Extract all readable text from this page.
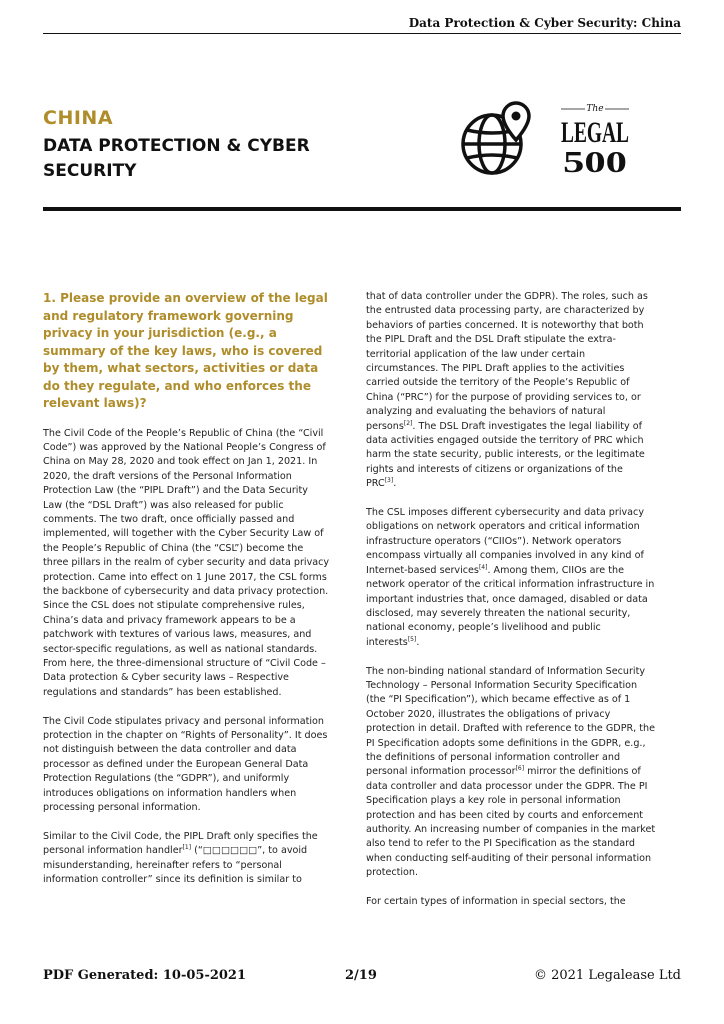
Data Protection & Cyber Security: China
CHINA
DATA PROTECTION & CYBER SECURITY
The
LEGAL
500
1. Please provide an overview of the legal and regulatory framework governing privacy in your jurisdiction (e.g., a summary of the key laws, who is covered by them, what sectors, activities or data do they regulate, and who enforces the relevant laws)?

The Civil Code of the People’s Republic of China (the “Civil Code”) was approved by the National People’s Congress of China on May 28, 2020 and took effect on Jan 1, 2021. In 2020, the draft versions of the Personal Information Protection Law (the “PIPL Draft”) and the Data Security Law (the “DSL Draft”) was also released for public comments. The two draft, once officially passed and implemented, will together with the Cyber Security Law of the People’s Republic of China (the “CSL”) become the three pillars in the realm of cyber security and data privacy protection. Came into effect on 1 June 2017, the CSL forms the backbone of cybersecurity and data privacy protection. Since the CSL does not stipulate comprehensive rules, China’s data and privacy framework appears to be a patchwork with textures of various laws, measures, and sector-specific regulations, as well as national standards. From here, the three-dimensional structure of “Civil Code – Data protection & Cyber security laws – Respective regulations and standards” has been established.

The Civil Code stipulates privacy and personal information protection in the chapter on “Rights of Personality”. It does not distinguish between the data controller and data processor as defined under the European General Data Protection Regulations (the “GDPR”), and uniformly introduces obligations on information handlers when processing personal information.

Similar to the Civil Code, the PIPL Draft only specifies the personal information handler[1] (“□□□□□□”, to avoid misunderstanding, hereinafter refers to “personal information controller” since its definition is similar to

that of data controller under the GDPR). The roles, such as the entrusted data processing party, are characterized by behaviors of parties concerned. It is noteworthy that both the PIPL Draft and the DSL Draft stipulate the extra-territorial application of the law under certain circumstances. The PIPL Draft applies to the activities carried outside the territory of the People’s Republic of China (“PRC”) for the purpose of providing services to, or analyzing and evaluating the behaviors of natural persons[2]. The DSL Draft investigates the legal liability of data activities engaged outside the territory of PRC which harm the state security, public interests, or the legitimate rights and interests of citizens or organizations of the PRC[3].

The CSL imposes different cybersecurity and data privacy obligations on network operators and critical information infrastructure operators (“CIIOs”). Network operators encompass virtually all companies involved in any kind of Internet-based services[4]. Among them, CIIOs are the network operator of the critical information infrastructure in important industries that, once damaged, disabled or data disclosed, may severely threaten the national security, national economy, people’s livelihood and public interests[5].

The non-binding national standard of Information Security Technology – Personal Information Security Specification (the “PI Specification”), which became effective as of 1 October 2020, illustrates the obligations of privacy protection in detail. Drafted with reference to the GDPR, the PI Specification adopts some definitions in the GDPR, e.g., the definitions of personal information controller and personal information processor[6] mirror the definitions of data controller and data processor under the GDPR. The PI Specification plays a key role in personal information protection and has been cited by courts and enforcement authority. An increasing number of companies in the market also tend to refer to the PI Specification as the standard when conducting self-auditing of their personal information protection.

For certain types of information in special sectors, the

PDF Generated: 10-05-2021	2/19	© 2021 Legalease Ltd
